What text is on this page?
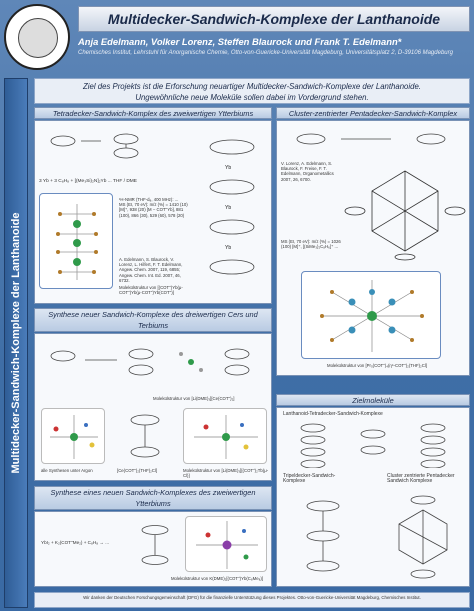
Multidecker-Sandwich-Komplexe der Lanthanoide
Anja Edelmann, Volker Lorenz, Steffen Blaurock und Frank T. Edelmann*
Chemisches Institut, Lehrstuhl für Anorganische Chemie, Otto-von-Guericke-Universität Magdeburg, Universitätsplatz 2, D-39106 Magdeburg
Multidecker-Sandwich-Komplexe der Lanthanoide
Ziel des Projekts ist die Erforschung neuartiger Multidecker-Sandwich-Komplexe der Lanthanoide.
Ungewöhnliche neue Moleküle sollen dabei im Vordergrund stehen.
Tetradecker-Sandwich-Komplex des zweiwertigen Ytterbiums
3 Yb + 3 C₈H₈ + [(Me₃Si)₂N]₂Yb ... THF / DME
¹H-NMR (THF-d₈, 400 MHz): ...
MS (EI, 70 eV): m/z (%) = 1410 (10) [M]⁺, 938 (20) [M − COT''Yb], 881 (100), 866 (30), 529 (60), 578 (20)
A. Edelmann, S. Blaurock, V. Lorenz, L. Hilfert, F. T. Edelmann, Angew. Chem. 2007, 119, 6855; Angew. Chem. Int. Ed. 2007, 46, 6732.
Molekülstruktur von [(COT'')Yb(μ-COT'')Yb(μ-COT'')Yb(COT'')]
Yb
Yb
Yb
Cluster-zentrierter Pentadecker-Sandwich-Komplex
V. Lorenz, A. Edelmann, S. Blaurock, F. Freise, F. T. Edelmann, Organometallics 2007, 26, 6700.
MS (EI, 70 eV): m/z (%) = 1026 (100) [M]⁺, [(SiMe₃)₂C₈H₆]⁺ ...
Molekülstruktur von [Pr₅(COT'')₄(η⁵-COT'')₂(THF)₂Cl]
Synthese neuer Sandwich-Komplexe des dreiwertigen Cers und Terbiums
Molekülstruktur von [Li(DME)₃][Ce(COT'')₂]
alle Synthesen unter Argon	[Ce(COT'')₂(THF)₂Cl]	Molekülstruktur von [Li(DME)₃][(COT'')₂Tb(μ-Cl)]
Synthese eines neuen Sandwich-Komplexes des zweiwertigen Ytterbiums
YbI₂ + K₂(COT''Me₂) + C₈H₈ → ...
Molekülstruktur von K(DME)₂[(COT'')Yb(C₈Me₈)]
Zielmoleküle
Lanthanoid-Tetradecker-Sandwich-Komplexe
Tripeldecker-Sandwich-Komplexe
Cluster zentrierte Pentadecker Sandwich Komplexe
Wir danken der Deutschen Forschungsgemeinschaft (DFG) für die finanzielle Unterstützung dieses Projektes. Otto-von-Guericke-Universität Magdeburg, Chemisches Institut.
